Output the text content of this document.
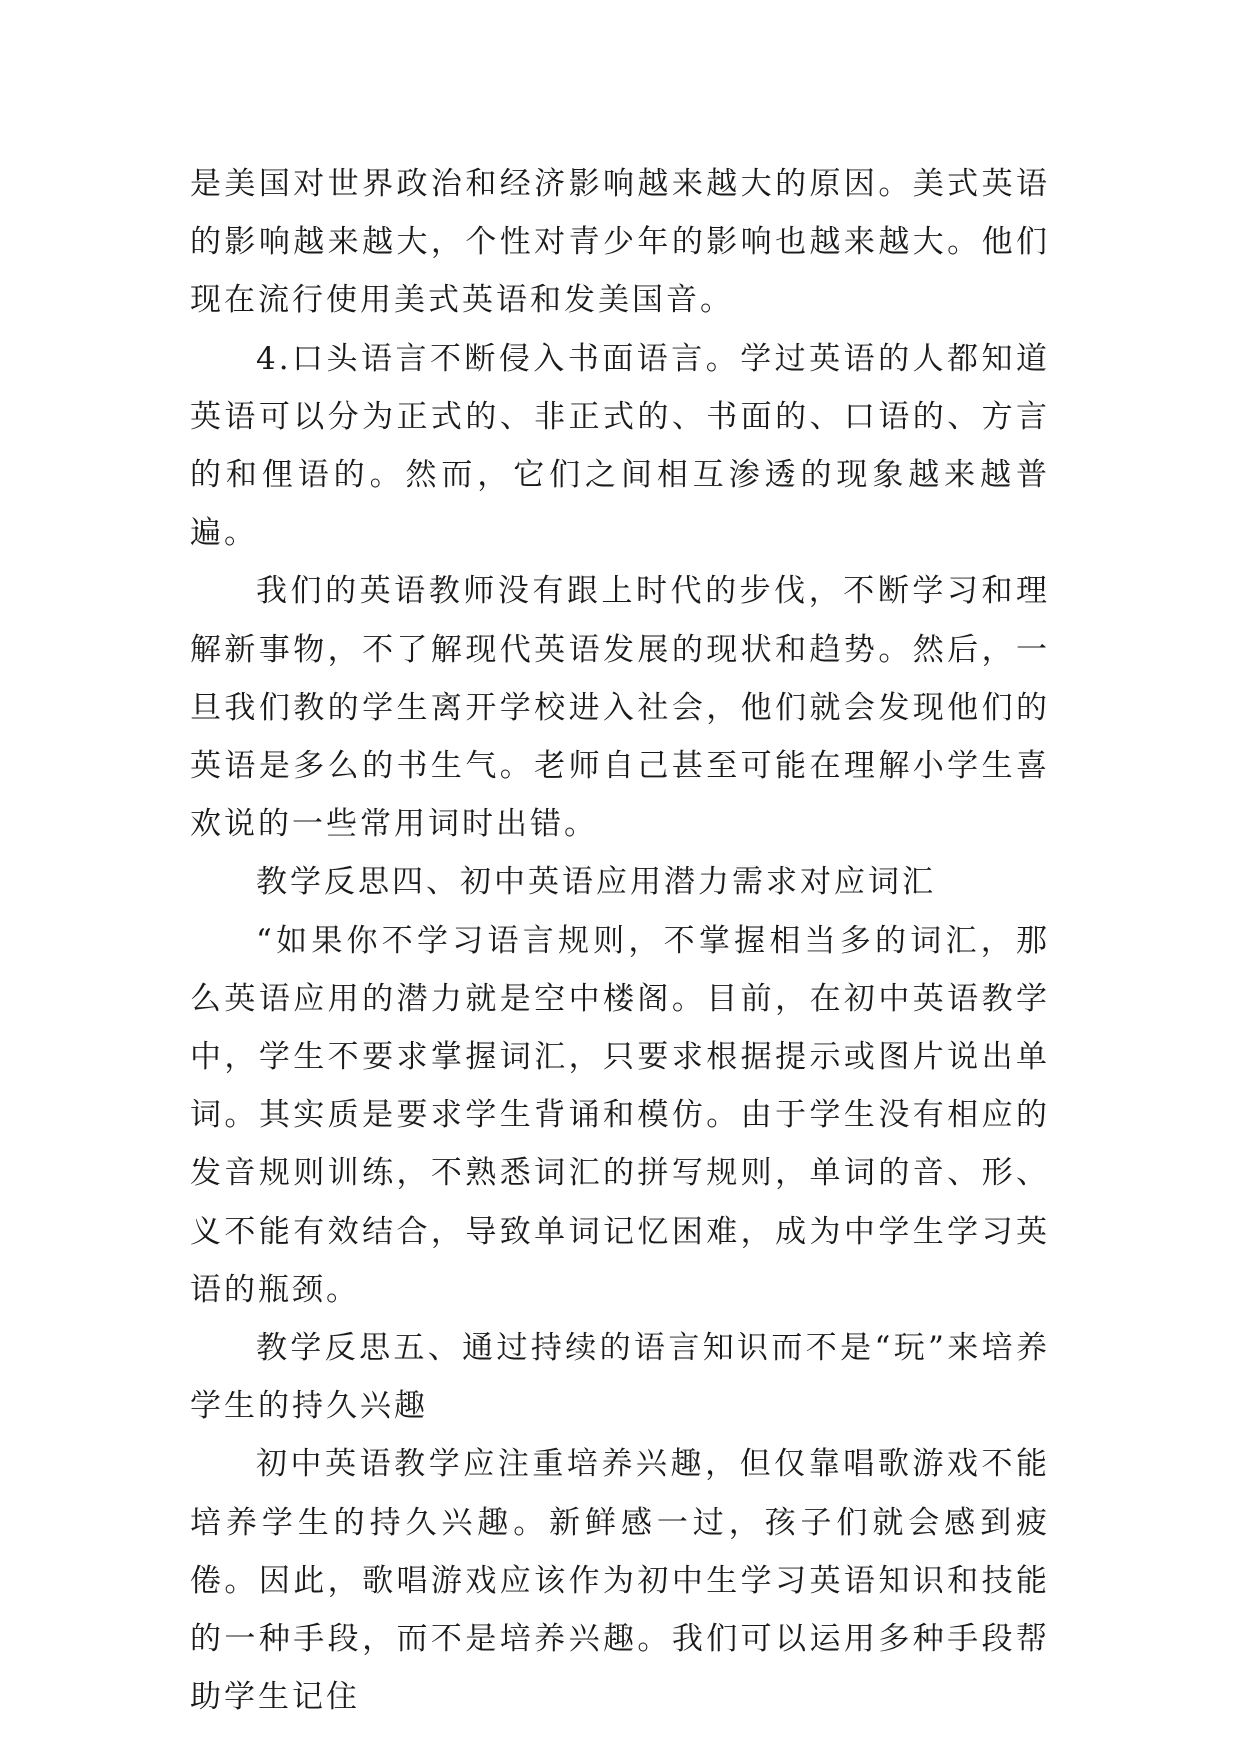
是美国对世界政治和经济影响越来越大的原因。美式英语的影响越来越大，个性对青少年的影响也越来越大。他们现在流行使用美式英语和发美国音。

4.口头语言不断侵入书面语言。学过英语的人都知道英语可以分为正式的、非正式的、书面的、口语的、方言的和俚语的。然而，它们之间相互渗透的现象越来越普遍。

我们的英语教师没有跟上时代的步伐，不断学习和理解新事物，不了解现代英语发展的现状和趋势。然后，一旦我们教的学生离开学校进入社会，他们就会发现他们的英语是多么的书生气。老师自己甚至可能在理解小学生喜欢说的一些常用词时出错。

教学反思四、初中英语应用潜力需求对应词汇

“如果你不学习语言规则，不掌握相当多的词汇，那么英语应用的潜力就是空中楼阁。目前，在初中英语教学中，学生不要求掌握词汇，只要求根据提示或图片说出单词。其实质是要求学生背诵和模仿。由于学生没有相应的发音规则训练，不熟悉词汇的拼写规则，单词的音、形、义不能有效结合，导致单词记忆困难，成为中学生学习英语的瓶颈。

教学反思五、通过持续的语言知识而不是“玩”来培养学生的持久兴趣

初中英语教学应注重培养兴趣，但仅靠唱歌游戏不能培养学生的持久兴趣。新鲜感一过，孩子们就会感到疲倦。因此，歌唱游戏应该作为初中生学习英语知识和技能的一种手段，而不是培养兴趣。我们可以运用多种手段帮助学生记住
